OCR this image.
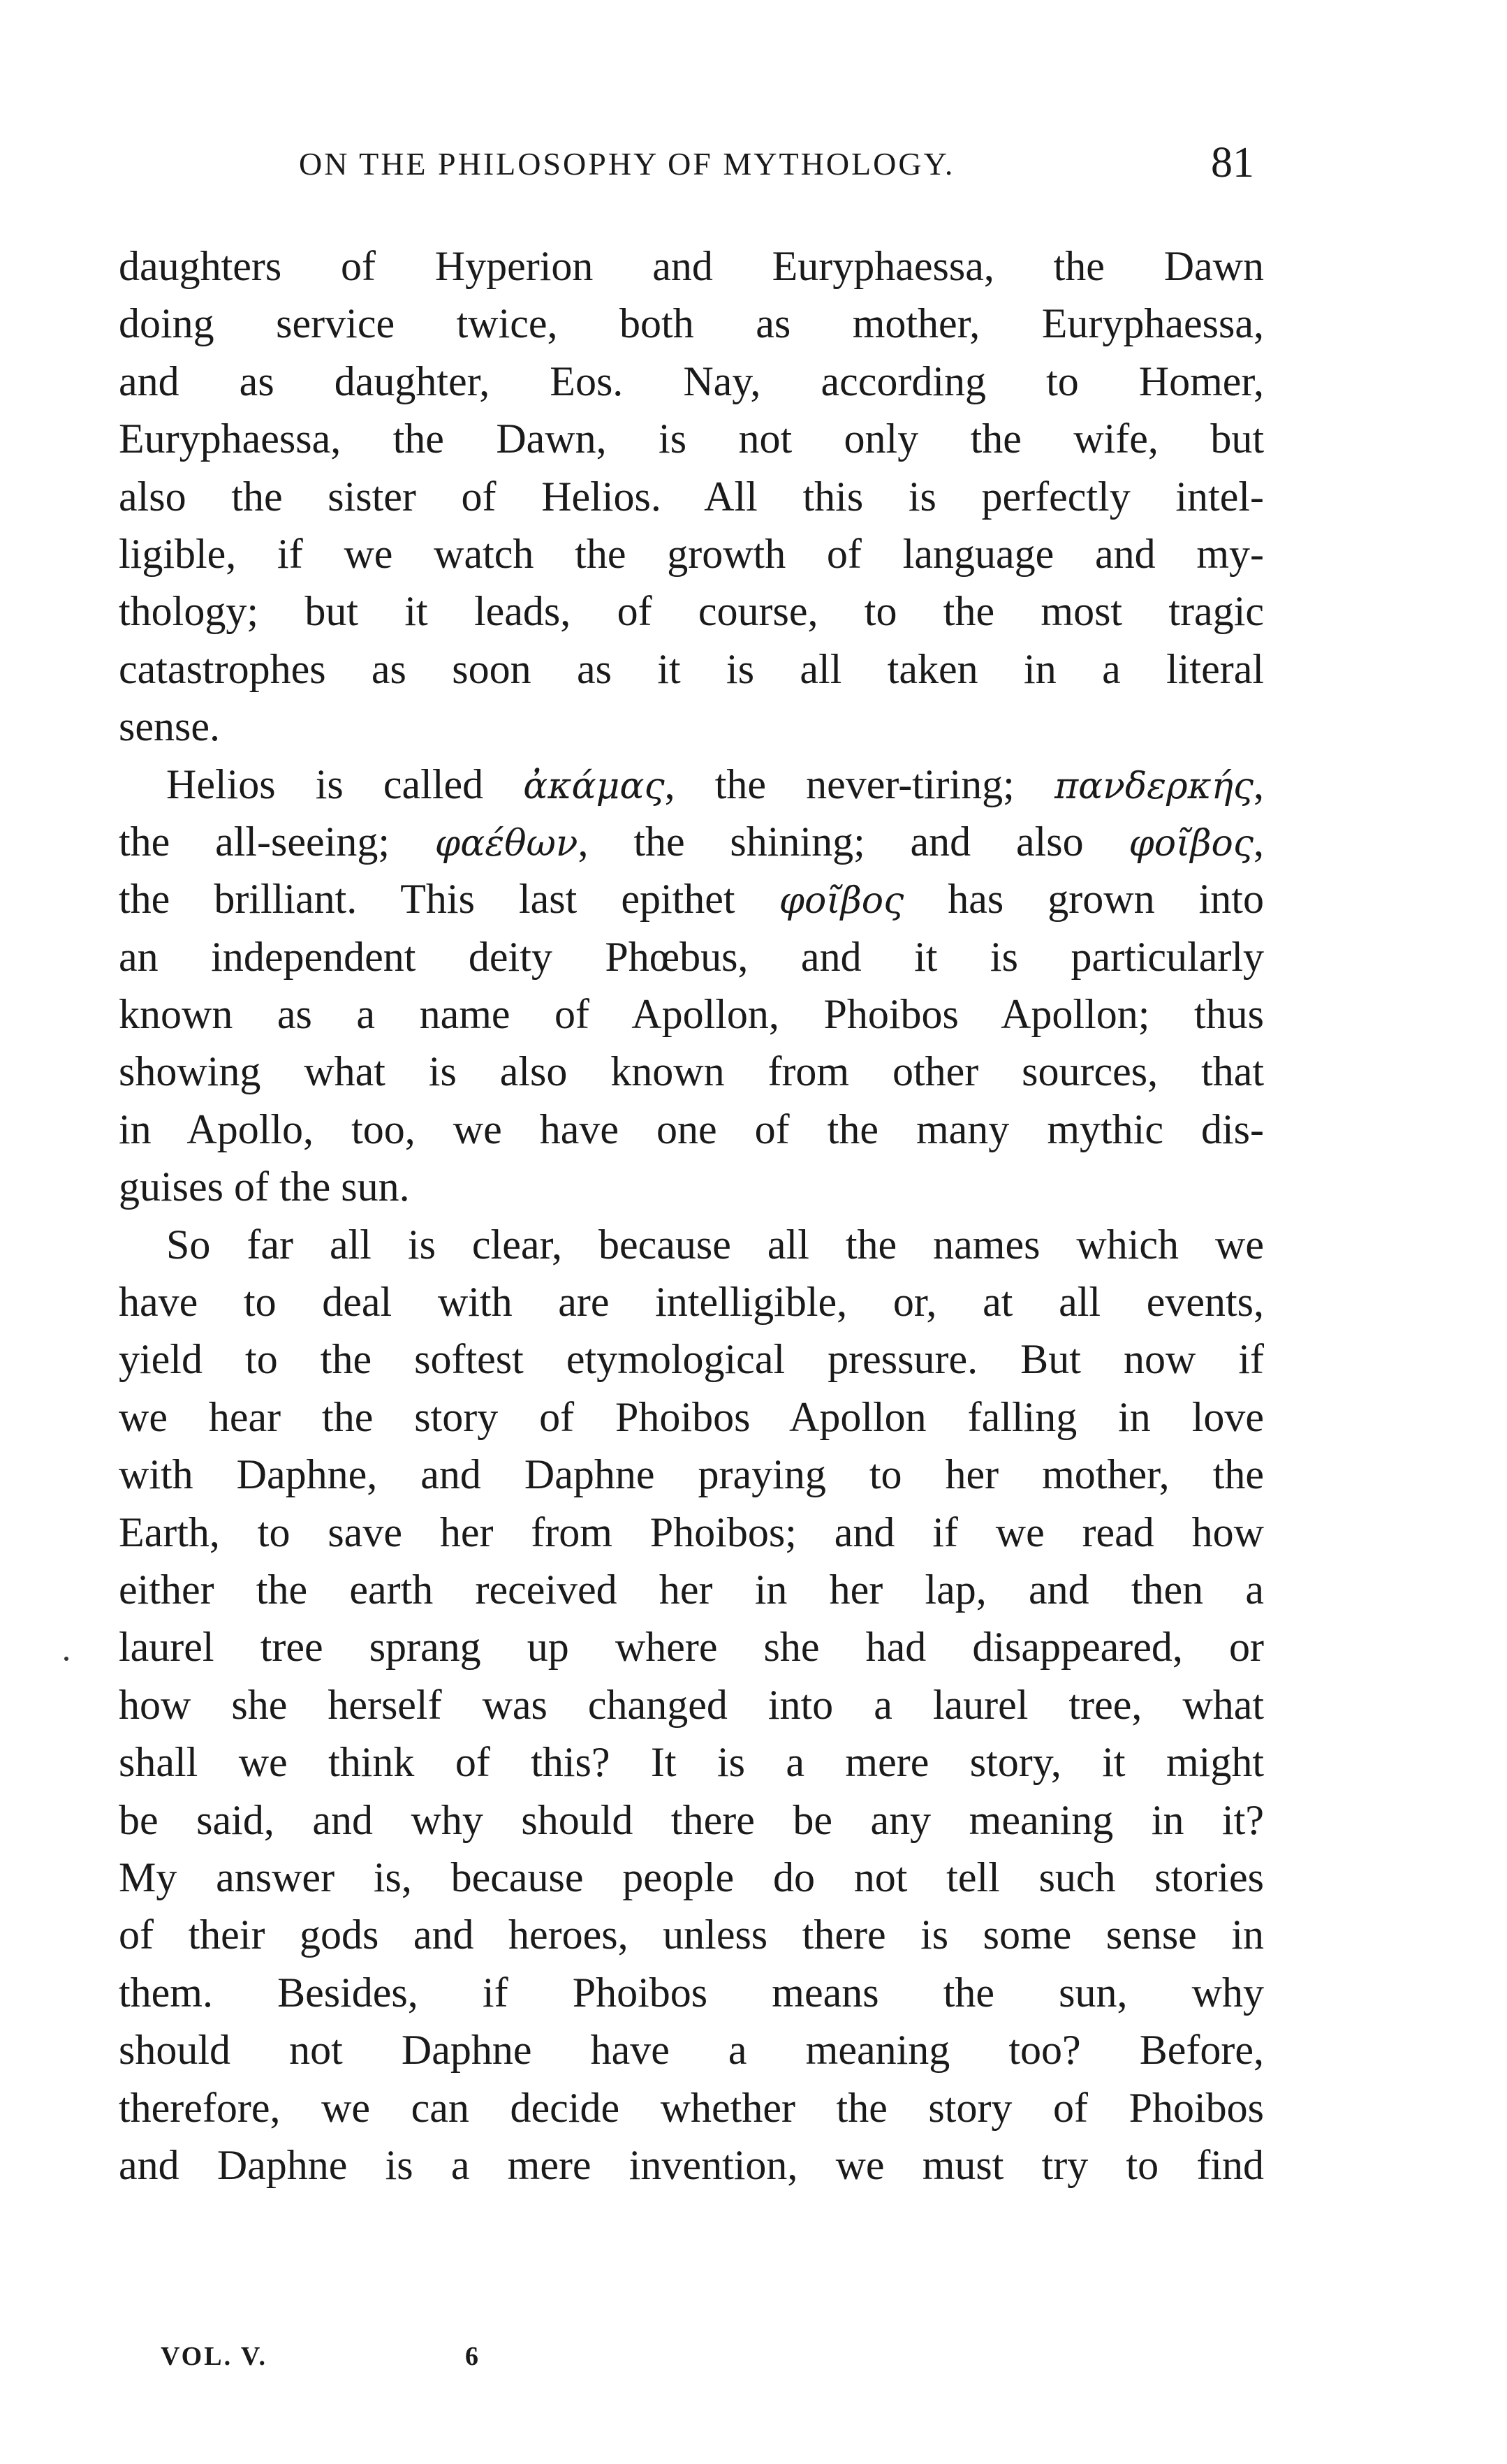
ON THE PHILOSOPHY OF MYTHOLOGY.	81
daughters of Hyperion and Euryphaessa, the Dawn
doing service twice, both as mother, Euryphaessa,
and as daughter, Eos. Nay, according to Homer,
Euryphaessa, the Dawn, is not only the wife, but
also the sister of Helios. All this is perfectly intel-
ligible, if we watch the growth of language and my-
thology; but it leads, of course, to the most tragic
catastrophes as soon as it is all taken in a literal
sense.
Helios is called ἀκάμας, the never-tiring; πανδερκής,
the all-seeing; φαέθων, the shining; and also φοῖβος,
the brilliant. This last epithet φοῖβος has grown into
an independent deity Phœbus, and it is particularly
known as a name of Apollon, Phoibos Apollon; thus
showing what is also known from other sources, that
in Apollo, too, we have one of the many mythic dis-
guises of the sun.
So far all is clear, because all the names which we
have to deal with are intelligible, or, at all events,
yield to the softest etymological pressure. But now if
we hear the story of Phoibos Apollon falling in love
with Daphne, and Daphne praying to her mother, the
Earth, to save her from Phoibos; and if we read how
either the earth received her in her lap, and then a
laurel tree sprang up where she had disappeared, or
how she herself was changed into a laurel tree, what
shall we think of this? It is a mere story, it might
be said, and why should there be any meaning in it?
My answer is, because people do not tell such stories
of their gods and heroes, unless there is some sense in
them. Besides, if Phoibos means the sun, why
should not Daphne have a meaning too? Before,
therefore, we can decide whether the story of Phoibos
and Daphne is a mere invention, we must try to find
VOL. V.	6
